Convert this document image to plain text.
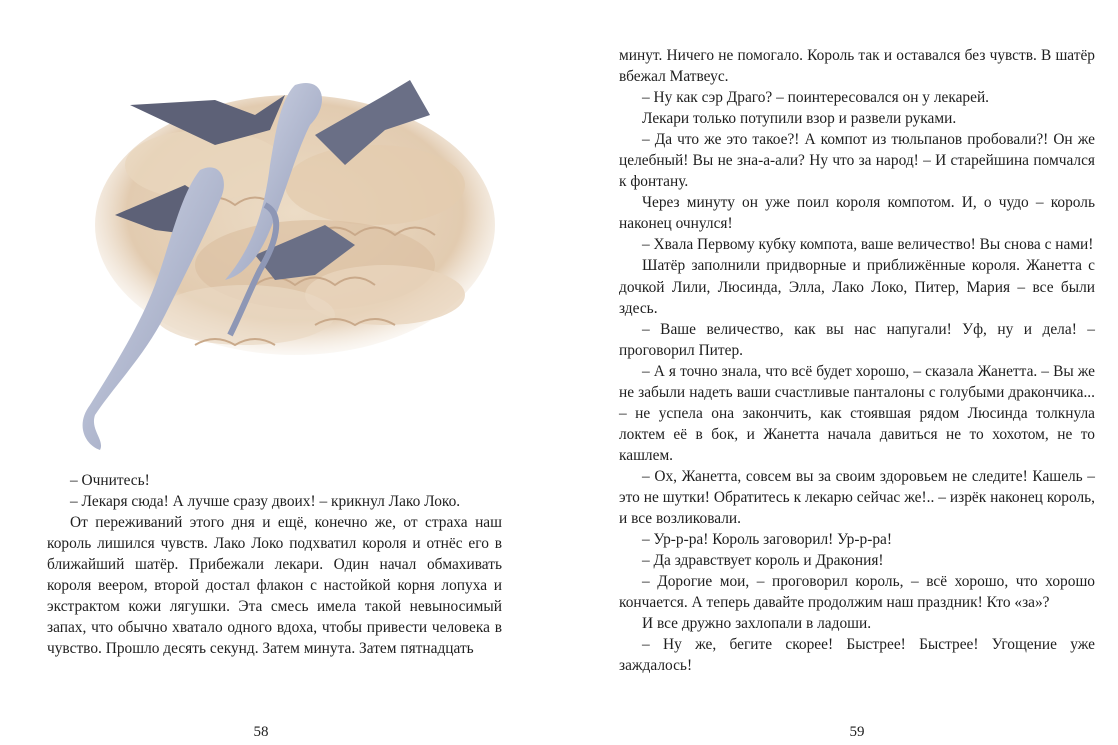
– Очнитесь!

– Лекаря сюда! А лучше сразу двоих! – крикнул Лако Локо.

От переживаний этого дня и ещё, конечно же, от страха наш король лишился чувств. Лако Локо подхватил короля и отнёс его в ближайший шатёр. Прибежали лекари. Один начал обмахивать короля веером, второй достал флакон с настойкой корня лопуха и экстрактом кожи лягушки. Эта смесь имела такой невыносимый запах, что обычно хватало одного вдоха, чтобы привести человека в чувство. Прошло десять секунд. Затем минута. Затем пятнадцать

58

минут. Ничего не помогало. Король так и оставался без чувств. В шатёр вбежал Матвеус.

– Ну как сэр Драго? – поинтересовался он у лекарей.

Лекари только потупили взор и развели руками.

– Да что же это такое?! А компот из тюльпанов пробовали?! Он же целебный! Вы не зна-а-али? Ну что за народ! – И старейшина помчался к фонтану.

Через минуту он уже поил короля компотом. И, о чудо – король наконец очнулся!

– Хвала Первому кубку компота, ваше величество! Вы снова с нами!

Шатёр заполнили придворные и приближённые короля. Жанетта с дочкой Лили, Люсинда, Элла, Лако Локо, Питер, Мария – все были здесь.

– Ваше величество, как вы нас напугали! Уф, ну и дела! – проговорил Питер.

– А я точно знала, что всё будет хорошо, – сказала Жанетта. – Вы же не забыли надеть ваши счастливые панталоны с голубыми дракончика... – не успела она закончить, как стоявшая рядом Люсинда толкнула локтем её в бок, и Жанетта начала давиться не то хохотом, не то кашлем.

– Ох, Жанетта, совсем вы за своим здоровьем не следите! Кашель – это не шутки! Обратитесь к лекарю сейчас же!.. – изрёк наконец король, и все возликовали.

– Ур-р-ра! Король заговорил! Ур-р-ра!

– Да здравствует король и Дракония!

– Дорогие мои, – проговорил король, – всё хорошо, что хорошо кончается. А теперь давайте продолжим наш праздник! Кто «за»?

И все дружно захлопали в ладоши.

– Ну же, бегите скорее! Быстрее! Быстрее! Угощение уже заждалось!

59
